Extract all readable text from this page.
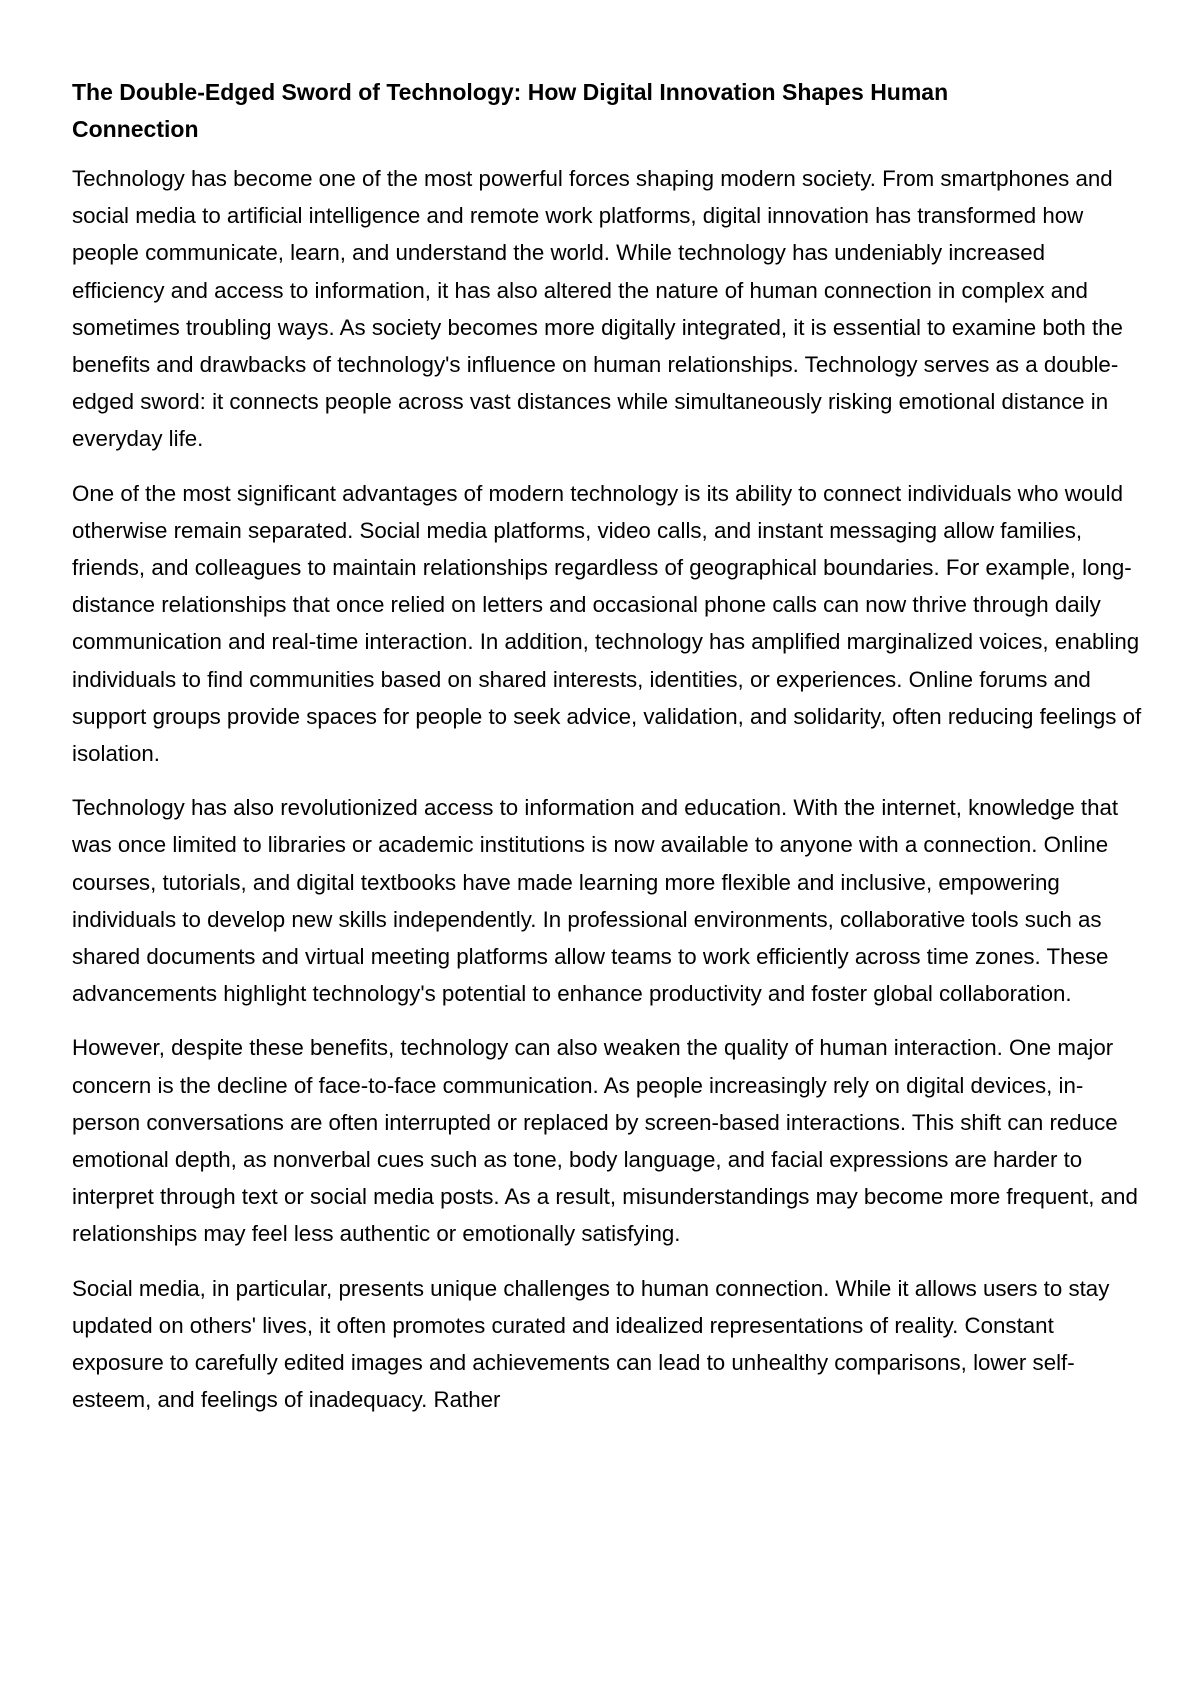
The Double-Edged Sword of Technology: How Digital Innovation Shapes Human Connection

Technology has become one of the most powerful forces shaping modern society. From smartphones and social media to artificial intelligence and remote work platforms, digital innovation has transformed how people communicate, learn, and understand the world. While technology has undeniably increased efficiency and access to information, it has also altered the nature of human connection in complex and sometimes troubling ways. As society becomes more digitally integrated, it is essential to examine both the benefits and drawbacks of technology's influence on human relationships. Technology serves as a double-edged sword: it connects people across vast distances while simultaneously risking emotional distance in everyday life.

One of the most significant advantages of modern technology is its ability to connect individuals who would otherwise remain separated. Social media platforms, video calls, and instant messaging allow families, friends, and colleagues to maintain relationships regardless of geographical boundaries. For example, long-distance relationships that once relied on letters and occasional phone calls can now thrive through daily communication and real-time interaction. In addition, technology has amplified marginalized voices, enabling individuals to find communities based on shared interests, identities, or experiences. Online forums and support groups provide spaces for people to seek advice, validation, and solidarity, often reducing feelings of isolation.

Technology has also revolutionized access to information and education. With the internet, knowledge that was once limited to libraries or academic institutions is now available to anyone with a connection. Online courses, tutorials, and digital textbooks have made learning more flexible and inclusive, empowering individuals to develop new skills independently. In professional environments, collaborative tools such as shared documents and virtual meeting platforms allow teams to work efficiently across time zones. These advancements highlight technology's potential to enhance productivity and foster global collaboration.

However, despite these benefits, technology can also weaken the quality of human interaction. One major concern is the decline of face-to-face communication. As people increasingly rely on digital devices, in-person conversations are often interrupted or replaced by screen-based interactions. This shift can reduce emotional depth, as nonverbal cues such as tone, body language, and facial expressions are harder to interpret through text or social media posts. As a result, misunderstandings may become more frequent, and relationships may feel less authentic or emotionally satisfying.

Social media, in particular, presents unique challenges to human connection. While it allows users to stay updated on others' lives, it often promotes curated and idealized representations of reality. Constant exposure to carefully edited images and achievements can lead to unhealthy comparisons, lower self-esteem, and feelings of inadequacy. Rather
